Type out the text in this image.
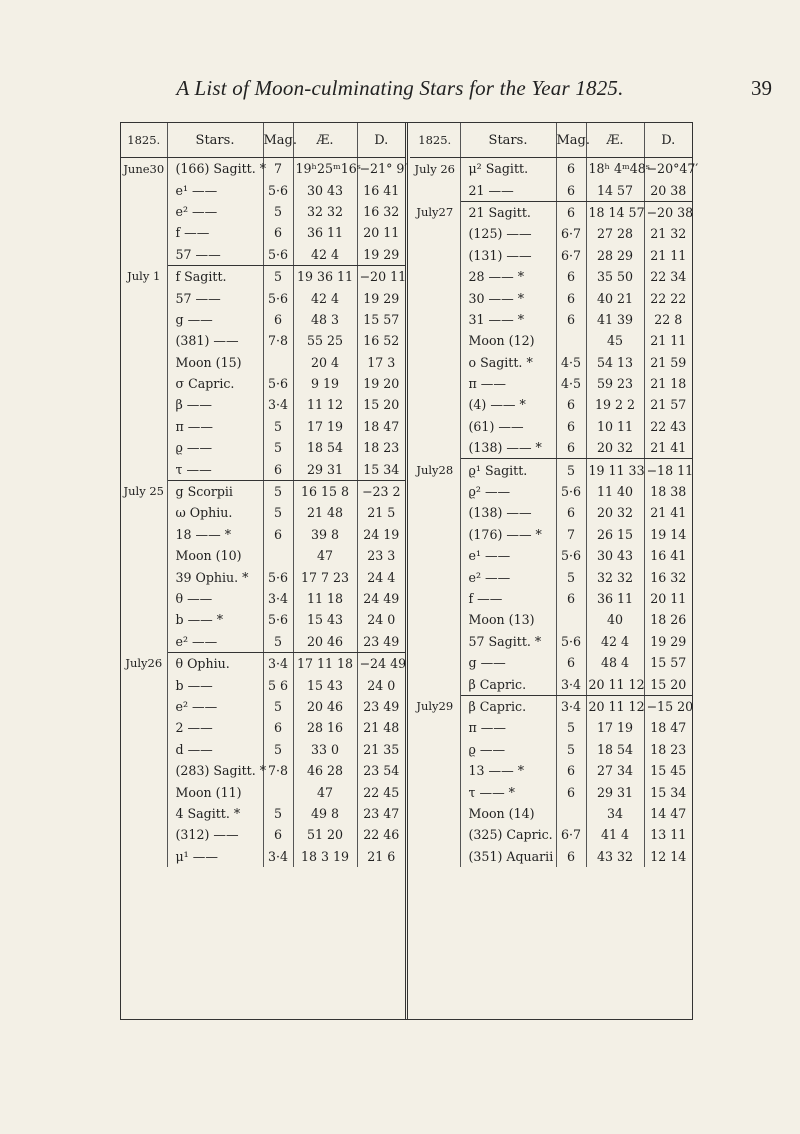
A List of Moon-culminating Stars for the Year 1825.	39
1825.	Stars.	Mag.	Æ.	D.
June30	(166) Sagitt. *	7	19ʰ25ᵐ16ˢ	−21° 9′
	e¹ ——	5·6	30 43	16 41
	e² ——	5	32 32	16 32
	f ——	6	36 11	20 11
	57 ——	5·6	42 4	19 29
July 1	f Sagitt.	5	19 36 11	−20 11
	57 ——	5·6	42 4	19 29
	g ——	6	48 3	15 57
	(381) ——	7·8	55 25	16 52
	Moon (15)		20 4	17 3
	σ Capric.	5·6	9 19	19 20
	β ——	3·4	11 12	15 20
	π ——	5	17 19	18 47
	ϱ ——	5	18 54	18 23
	τ ——	6	29 31	15 34
July 25	g Scorpii	5	16 15 8	−23 2
	ω Ophiu.	5	21 48	21 5
	18 —— *	6	39 8	24 19
	Moon (10)		47	23 3
	39 Ophiu. *	5·6	17 7 23	24 4
	θ ——	3·4	11 18	24 49
	b —— *	5·6	15 43	24 0
	e² ——	5	20 46	23 49
July26	θ Ophiu.	3·4	17 11 18	−24 49
	b ——	5 6	15 43	24 0
	e² ——	5	20 46	23 49
	2 ——	6	28 16	21 48
	d ——	5	33 0	21 35
	(283) Sagitt. *	7·8	46 28	23 54
	Moon (11)		47	22 45
	4 Sagitt. *	5	49 8	23 47
	(312) ——	6	51 20	22 46
	μ¹ ——	3·4	18 3 19	21 6
1825.	Stars.	Mag.	Æ.	D.
July 26	μ² Sagitt.	6	18ʰ 4ᵐ48ˢ	−20°47′
	21 ——	6	14 57	20 38
July27	21 Sagitt.	6	18 14 57	−20 38
	(125) ——	6·7	27 28	21 32
	(131) ——	6·7	28 29	21 11
	28 —— *	6	35 50	22 34
	30 —— *	6	40 21	22 22
	31 —— *	6	41 39	22 8
	Moon (12)		45	21 11
	ο Sagitt. *	4·5	54 13	21 59
	π ——	4·5	59 23	21 18
	(4) —— *	6	19 2 2	21 57
	(61) ——	6	10 11	22 43
	(138) —— *	6	20 32	21 41
July28	ϱ¹ Sagitt.	5	19 11 33	−18 11
	ϱ² ——	5·6	11 40	18 38
	(138) ——	6	20 32	21 41
	(176) —— *	7	26 15	19 14
	e¹ ——	5·6	30 43	16 41
	e² ——	5	32 32	16 32
	f ——	6	36 11	20 11
	Moon (13)		40	18 26
	57 Sagitt. *	5·6	42 4	19 29
	g ——	6	48 4	15 57
	β Capric.	3·4	20 11 12	15 20
July29	β Capric.	3·4	20 11 12	−15 20
	π ——	5	17 19	18 47
	ϱ ——	5	18 54	18 23
	13 —— *	6	27 34	15 45
	τ —— *	6	29 31	15 34
	Moon (14)		34	14 47
	(325) Capric.	6·7	41 4	13 11
	(351) Aquarii	6	43 32	12 14
